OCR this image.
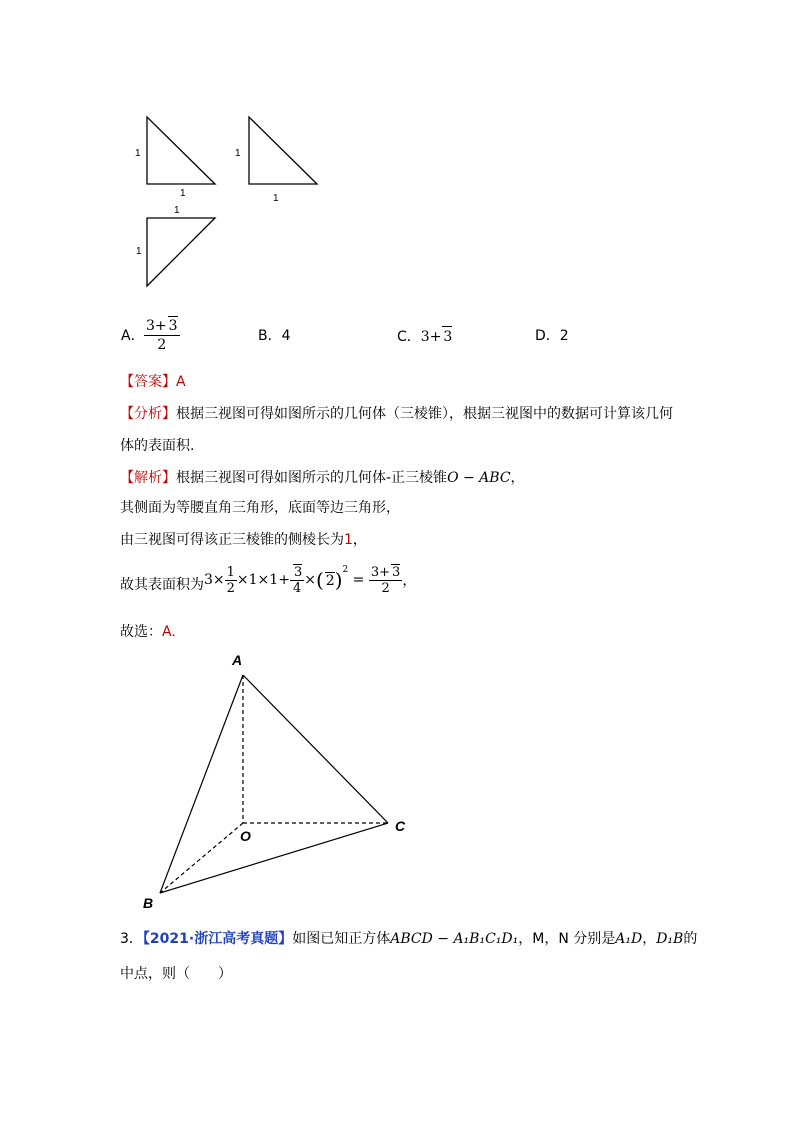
1
1
1
1
1
1
A． $\frac{3+ 3}{2}$	B．4	C．3+ 3	D．2
【答案】A
【分析】根据三视图可得如图所示的几何体（三棱锥），根据三视图中的数据可计算该几何
体的表面积.
【解析】根据三视图可得如图所示的几何体-正三棱锥O − ABC，
其侧面为等腰直角三角形，底面等边三角形，
由三视图可得该正三棱锥的侧棱长为1，
故其表面积为 $3\times \frac{1}{2} \times 1\times 1+ \frac{3}{4}$ ×( $2)^2 = \frac{3+ 3}{2}$ ，
故选：A.
A
O
C
B
3．【2021·浙江高考真题】如图已知正方体ABCD − A₁B₁C₁D₁，M，N 分别是A₁D，D₁B的
中点，则（　　）
